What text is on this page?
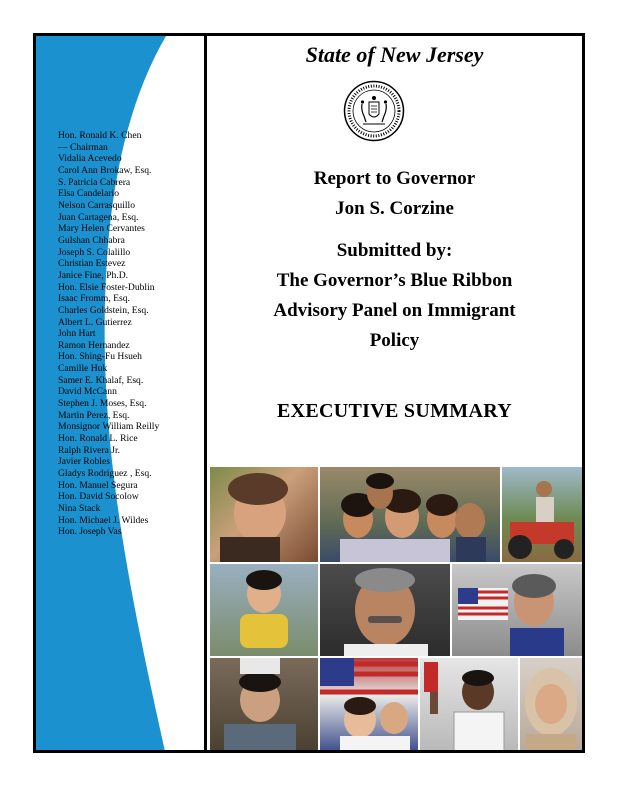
Hon. Ronald K. Chen
— Chairman
Vidalia Acevedo
Carol Ann Brokaw, Esq.
S. Patricia Cabrera
Elsa Candelario
Nelson Carrasquillo
Juan Cartagena, Esq.
Mary Helen Cervantes
Gulshan Chhabra
Joseph S. Colalillo
Christian Estevez
Janice Fine, Ph.D.
Hon. Elsie Foster-Dublin
Isaac Fromm, Esq.
Charles Goldstein, Esq.
Albert L. Gutierrez
John Hart
Ramon Hernandez
Hon. Shing-Fu Hsueh
Camille Huk
Samer E. Khalaf, Esq.
David McCann
Stephen J. Moses, Esq.
Martin Perez, Esq.
Monsignor William Reilly
Hon. Ronald L. Rice
Ralph Rivera Jr.
Javier Robles
Gladys Rodriguez , Esq.
Hon. Manuel Segura
Hon. David Socolow
Nina Stack
Hon. Michael J. Wildes
Hon. Joseph Vas
State of New Jersey
Report to Governor
Jon S. Corzine
Submitted by:
The Governor’s Blue Ribbon
Advisory Panel on Immigrant
Policy
EXECUTIVE SUMMARY
